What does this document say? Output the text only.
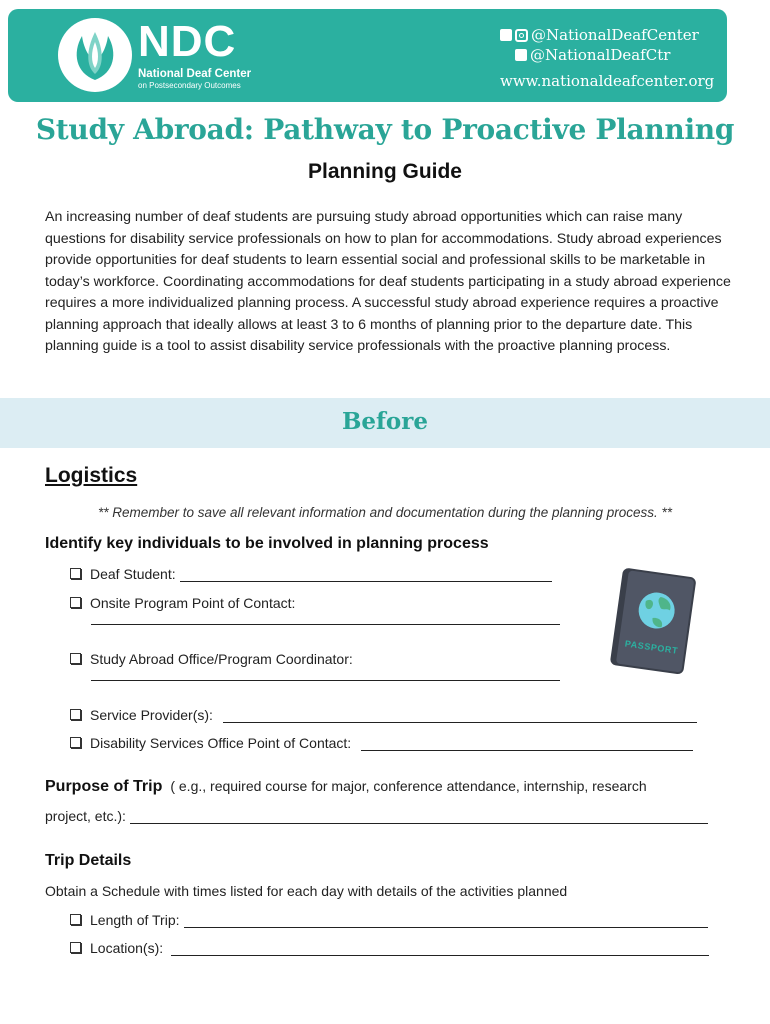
NDC
National Deaf Center
on Postsecondary Outcomes
@NationalDeafCenter
@NationalDeafCtr
www.nationaldeafcenter.org
Study Abroad: Pathway to Proactive Planning
Planning Guide

An increasing number of deaf students are pursuing study abroad opportunities which can raise many questions for disability service professionals on how to plan for accommodations. Study abroad experiences provide opportunities for deaf students to learn essential social and professional skills to be marketable in today’s workforce. Coordinating accommodations for deaf students participating in a study abroad experience requires a more individualized planning process. A successful study abroad experience requires a proactive planning approach that ideally allows at least 3 to 6 months of planning prior to the departure date. This planning guide is a tool to assist disability service professionals with the proactive planning process.

Before
Logistics
** Remember to save all relevant information and documentation during the planning process. **
Identify key individuals to be involved in planning process
Deaf Student:
Onsite Program Point of Contact:
Study Abroad Office/Program Coordinator:
Service Provider(s):
Disability Services Office Point of Contact:
PASSPORT
Purpose of Trip ( e.g., required course for major, conference attendance, internship, research
project, etc.):
Trip Details
Obtain a Schedule with times listed for each day with details of the activities planned
Length of Trip:
Location(s):
